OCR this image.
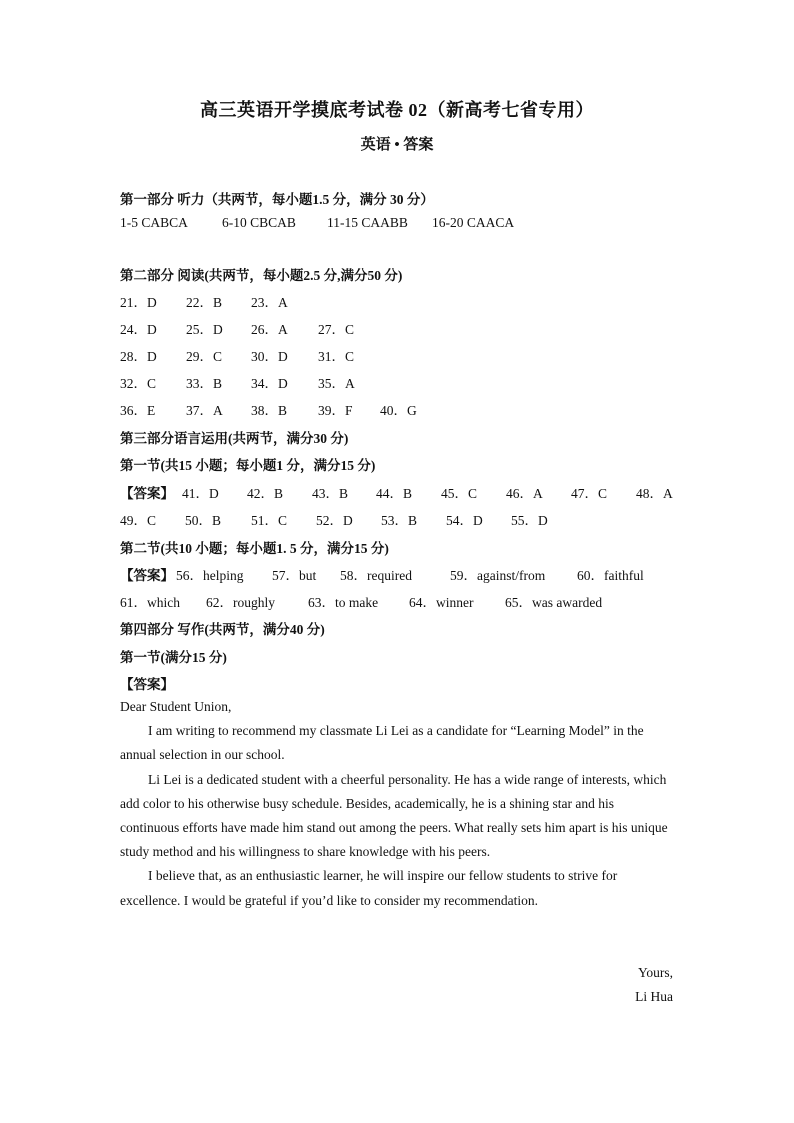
高三英语开学摸底考试卷 02（新高考七省专用）
英语 • 答案
第一部分 听力（共两节，每小题1.5 分，满分 30 分）
1-5 CABCA	6-10 CBCAB 11-15 CAABB 16-20 CAACA
第二部分 阅读(共两节，每小题2.5 分,满分50 分)
21．D 22．B 23．A
24．D 25．D 26．A 27．C
28．D 29．C 30．D 31．C
32．C 33．B 34．D 35．A
36．E 37．A 38．B 39．F 40．G
第三部分语言运用(共两节，满分30 分)
第一节(共15 小题；每小题1 分，满分15 分)
【答案】 41．D 42．B 43．B 44．B 45．C 46．A 47．C 48．A
49．C 50．B 51．C 52．D 53．B 54．D 55．D
第二节(共10 小题；每小题1. 5 分，满分15 分)
【答案】 56．helping 57．but 58．required	59．against/from 60．faithful
61．which 62．roughly 63．to make 64．winner 65．was awarded
第四部分 写作(共两节，满分40 分)
第一节(满分15 分)
【答案】

Dear Student Union,

I am writing to recommend my classmate Li Lei as a candidate for “Learning Model” in the annual selection in our school.

Li Lei is a dedicated student with a cheerful personality. He has a wide range of interests, which add color to his otherwise busy schedule. Besides, academically, he is a shining star and his continuous efforts have made him stand out among the peers. What really sets him apart is his unique study method and his willingness to share knowledge with his peers.

I believe that, as an enthusiastic learner, he will inspire our fellow students to strive for excellence. I would be grateful if you’d like to consider my recommendation.

Yours,
Li Hua
